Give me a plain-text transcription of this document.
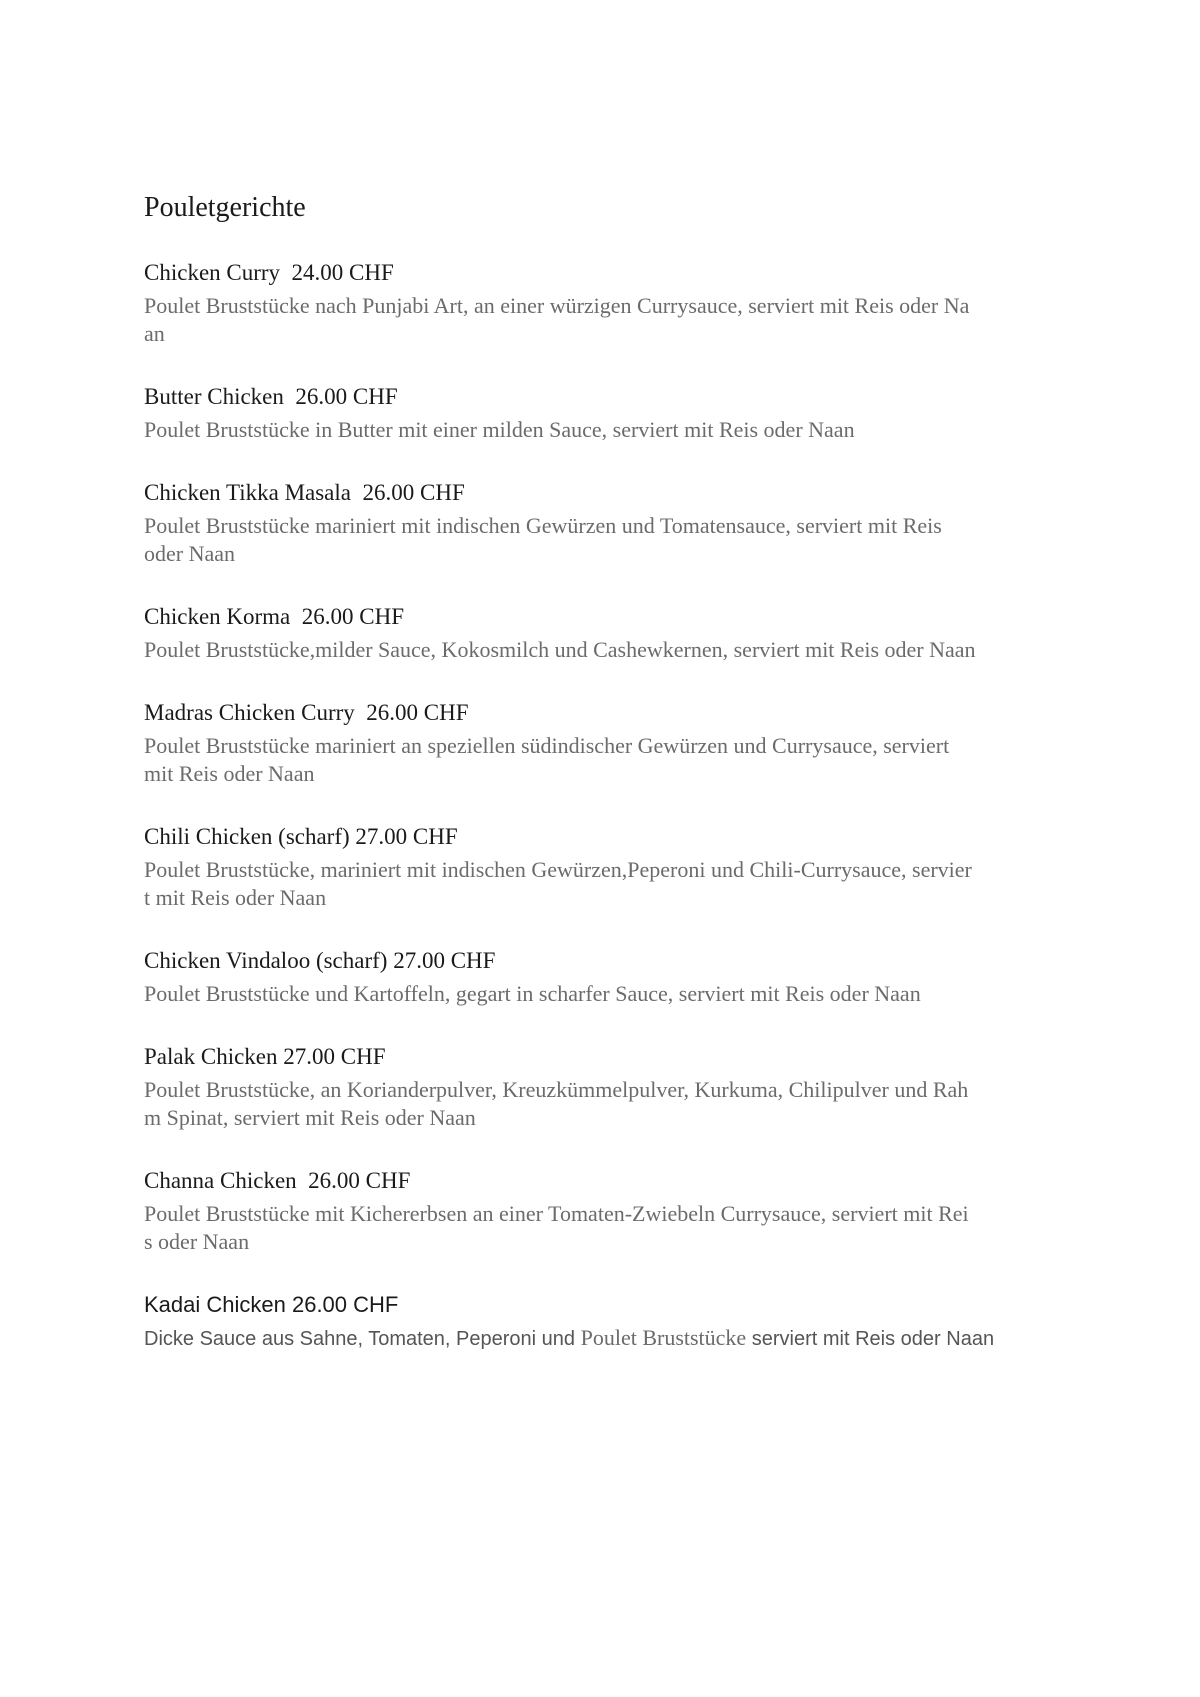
Pouletgerichte

Chicken Curry  24.00 CHF

Poulet Bruststücke nach Punjabi Art, an einer würzigen Currysauce, serviert mit Reis oder Na
an

Butter Chicken  26.00 CHF

Poulet Bruststücke in Butter mit einer milden Sauce, serviert mit Reis oder Naan

Chicken Tikka Masala  26.00 CHF

Poulet Bruststücke mariniert mit indischen Gewürzen und Tomatensauce, serviert mit Reis
oder Naan

Chicken Korma  26.00 CHF

Poulet Bruststücke,milder Sauce, Kokosmilch und Cashewkernen, serviert mit Reis oder Naan

Madras Chicken Curry  26.00 CHF

Poulet Bruststücke mariniert an speziellen südindischer Gewürzen und Currysauce, serviert
mit Reis oder Naan

Chili Chicken (scharf) 27.00 CHF

Poulet Bruststücke, mariniert mit indischen Gewürzen,Peperoni und Chili-Currysauce, servier
t mit Reis oder Naan

Chicken Vindaloo (scharf) 27.00 CHF

Poulet Bruststücke und Kartoffeln, gegart in scharfer Sauce, serviert mit Reis oder Naan

Palak Chicken 27.00 CHF

Poulet Bruststücke, an Korianderpulver, Kreuzkümmelpulver, Kurkuma, Chilipulver und Rah
m Spinat, serviert mit Reis oder Naan

Channa Chicken  26.00 CHF

Poulet Bruststücke mit Kichererbsen an einer Tomaten-Zwiebeln Currysauce, serviert mit Rei
s oder Naan

Kadai Chicken 26.00 CHF

Dicke Sauce aus Sahne, Tomaten, Peperoni und Poulet Bruststücke serviert mit Reis oder Naan
